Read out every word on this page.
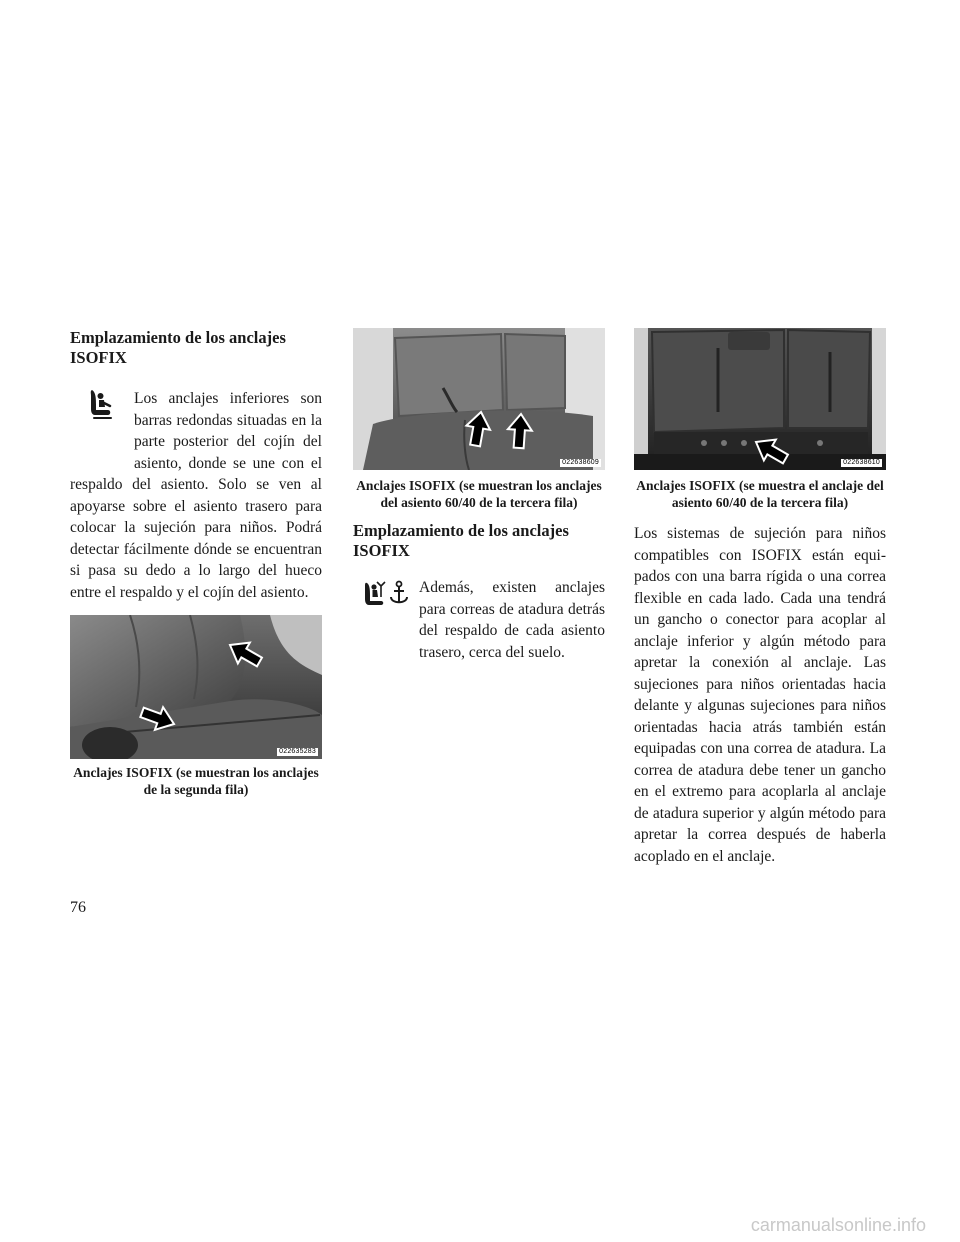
Emplazamiento de los anclajes ISOFIX
Los anclajes inferiores son barras redondas situadas en la parte posterior del cojín del asiento, donde se une con el respaldo del asiento. Solo se ven al apoyarse sobre el asiento trasero para colocar la sujeción para niños. Podrá detectar fácilmente dónde se encuentran si pasa su dedo a lo largo del hueco entre el respaldo y el cojín del asiento.
022635283
Anclajes ISOFIX (se muestran los anclajes de la segunda fila)
022638609
Anclajes ISOFIX (se muestran los anclajes del asiento 60/40 de la tercera fila)
Emplazamiento de los anclajes ISOFIX
Además, existen anclajes para correas de atadura detrás del respaldo de cada asiento trasero, cerca del suelo.
022638610
Anclajes ISOFIX (se muestra el anclaje del asiento 60/40 de la tercera fila)
Los sistemas de sujeción para niños compatibles con ISOFIX están equipados con una barra rígida o una correa flexible en cada lado. Cada una tendrá un gancho o conector para acoplar al anclaje inferior y algún método para apretar la conexión al anclaje. Las sujeciones para niños orientadas hacia delante y algunas sujeciones para niños orientadas hacia atrás también están equipadas con una correa de atadura. La correa de atadura debe tener un gancho en el extremo para acoplarla al anclaje de atadura superior y algún método para apretar la correa después de haberla acoplado en el anclaje.
76
carmanualsonline.info
